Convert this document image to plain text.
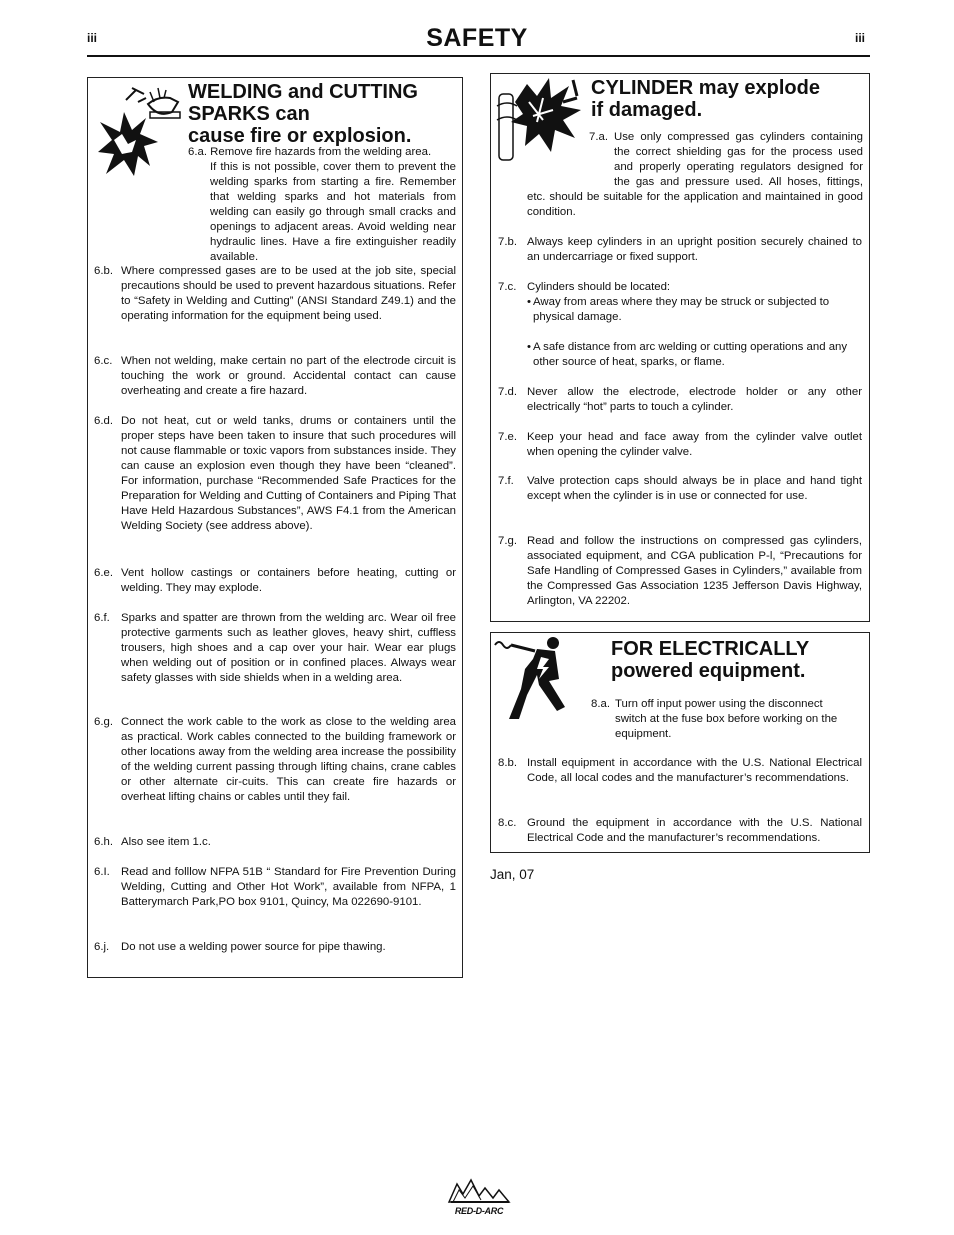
iii	iii
SAFETY
WELDING and CUTTING
SPARKS can
cause fire or explosion.
6.a. Remove fire hazards from the welding area.
If this is not possible, cover them to prevent the welding sparks from starting a fire. Remember that welding sparks and hot materials from welding can easily go through small cracks and openings to adjacent areas. Avoid welding near hydraulic lines. Have a fire extinguisher readily available.
6.b. Where compressed gases are to be used at the job site, special precautions should be used to prevent hazardous situations. Refer to “Safety in Welding and Cutting” (ANSI Standard Z49.1) and the operating information for the equipment being used.
6.c. When not welding, make certain no part of the electrode circuit is touching the work or ground. Accidental contact can cause overheating and create a fire hazard.
6.d. Do not heat, cut or weld tanks, drums or containers until the proper steps have been taken to insure that such procedures will not cause flammable or toxic vapors from substances inside. They can cause an explosion even though they have been “cleaned”. For information, purchase “Recommended Safe Practices for the Preparation for Welding and Cutting of Containers and Piping That Have Held Hazardous Substances”, AWS F4.1 from the American Welding Society (see address above).
6.e. Vent hollow castings or containers before heating, cutting or welding. They may explode.
6.f. Sparks and spatter are thrown from the welding arc. Wear oil free protective garments such as leather gloves, heavy shirt, cuffless trousers, high shoes and a cap over your hair. Wear ear plugs when welding out of position or in confined places. Always wear safety glasses with side shields when in a welding area.
6.g. Connect the work cable to the work as close to the welding area as practical. Work cables connected to the building framework or other locations away from the welding area increase the possibility of the welding current passing through lifting chains, crane cables or other alternate cir-cuits. This can create fire hazards or overheat lifting chains or cables until they fail.
6.h. Also see item 1.c.
6.I. Read and folllow NFPA 51B “ Standard for Fire Prevention During Welding, Cutting and Other Hot Work”, available from NFPA, 1 Batterymarch Park,PO box 9101, Quincy, Ma 022690-9101.
6.j. Do not use a welding power source for pipe thawing.
CYLINDER may explode
if damaged.
7.a. Use only compressed gas cylinders containing the correct shielding gas for the process used and properly operating regulators designed for the gas and pressure used. All hoses, fittings, etc. should be suitable for the application and maintained in good condition.
7.b. Always keep cylinders in an upright position securely chained to an undercarriage or fixed support.
7.c. Cylinders should be located:
• Away from areas where they may be struck or subjected to physical damage.
• A safe distance from arc welding or cutting operations and any other source of heat, sparks, or flame.
7.d. Never allow the electrode, electrode holder or any other electrically “hot” parts to touch a cylinder.
7.e. Keep your head and face away from the cylinder valve outlet when opening the cylinder valve.
7.f. Valve protection caps should always be in place and hand tight except when the cylinder is in use or connected for use.
7.g. Read and follow the instructions on compressed gas cylinders, associated equipment, and CGA publication P-l, “Precautions for Safe Handling of Compressed Gases in Cylinders,” available from the Compressed Gas Association 1235 Jefferson Davis Highway, Arlington, VA 22202.
FOR ELECTRICALLY
powered equipment.
8.a. Turn off input power using the disconnect switch at the fuse box before working on the equipment.
8.b. Install equipment in accordance with the U.S. National Electrical Code, all local codes and the manufacturer’s recommendations.
8.c. Ground the equipment in accordance with the U.S. National Electrical Code and the manufacturer’s recommendations.
Jan, 07
RED-D-ARC
